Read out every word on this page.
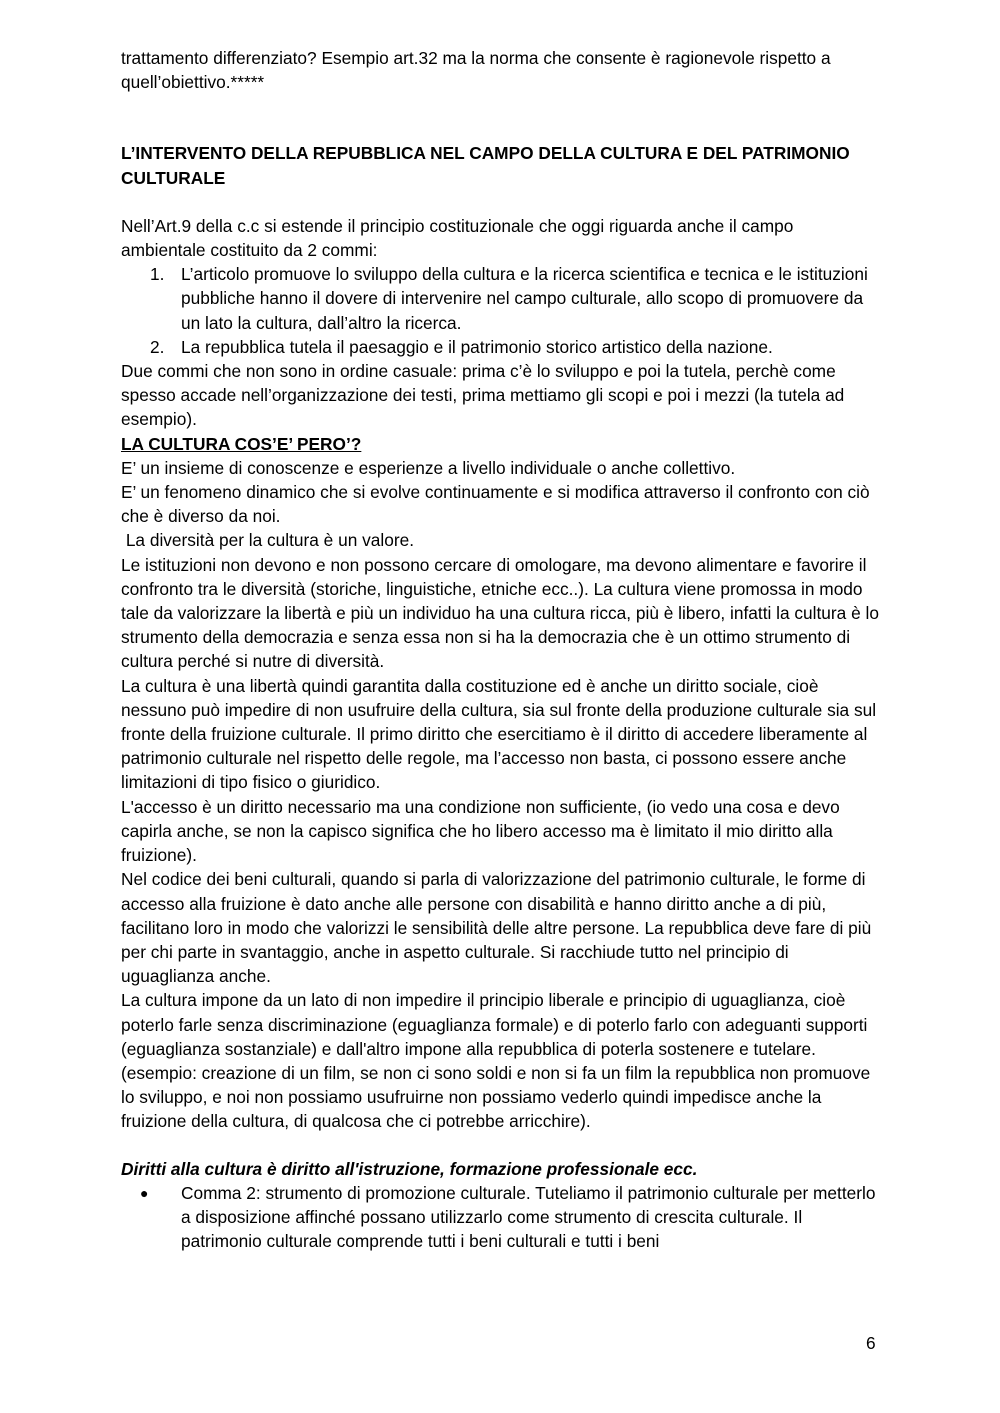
trattamento differenziato? Esempio art.32 ma la norma che consente è ragionevole rispetto a quell’obiettivo.*****

L’INTERVENTO DELLA REPUBBLICA NEL CAMPO DELLA CULTURA E DEL PATRIMONIO CULTURALE

Nell’Art.9 della c.c si estende il principio costituzionale che oggi riguarda anche il campo ambientale costituito da 2 commi:

1. L’articolo promuove lo sviluppo della cultura e la ricerca scientifica e tecnica e le istituzioni pubbliche hanno il dovere di intervenire nel campo culturale, allo scopo di promuovere da un lato la cultura, dall’altro la ricerca.
2. La repubblica tutela il paesaggio e il patrimonio storico artistico della nazione.

Due commi che non sono in ordine casuale: prima c’è lo sviluppo e poi la tutela, perchè come spesso accade nell’organizzazione dei testi, prima mettiamo gli scopi e poi i mezzi (la tutela ad esempio).

LA CULTURA COS’E’ PERO’?

E’ un insieme di conoscenze e esperienze a livello individuale o anche collettivo.

E’ un fenomeno dinamico che si evolve continuamente e si modifica attraverso il confronto con ciò che è diverso da noi.

La diversità per la cultura è un valore.

Le istituzioni non devono e non possono cercare di omologare, ma devono alimentare e favorire il confronto tra le diversità (storiche, linguistiche, etniche ecc..). La cultura viene promossa in modo tale da valorizzare la libertà e più un individuo ha una cultura ricca, più è libero, infatti la cultura è lo strumento della democrazia e senza essa non si ha la democrazia che è un ottimo strumento di cultura perché si nutre di diversità.

La cultura è una libertà quindi garantita dalla costituzione ed è anche un diritto sociale, cioè nessuno può impedire di non usufruire della cultura, sia sul fronte della produzione culturale sia sul fronte della fruizione culturale. Il primo diritto che esercitiamo è il diritto di accedere liberamente al patrimonio culturale nel rispetto delle regole, ma l’accesso non basta, ci possono essere anche limitazioni di tipo fisico o giuridico.

L'accesso è un diritto necessario ma una condizione non sufficiente, (io vedo una cosa e devo capirla anche, se non la capisco significa che ho libero accesso ma è limitato il mio diritto alla fruizione).

Nel codice dei beni culturali, quando si parla di valorizzazione del patrimonio culturale, le forme di accesso alla fruizione è dato anche alle persone con disabilità e hanno diritto anche a di più, facilitano loro in modo che valorizzi le sensibilità delle altre persone. La repubblica deve fare di più per chi parte in svantaggio, anche in aspetto culturale. Si racchiude tutto nel principio di uguaglianza anche.

La cultura impone da un lato di non impedire il principio liberale e principio di uguaglianza, cioè poterlo farle senza discriminazione (eguaglianza formale) e di poterlo farlo con adeguanti supporti (eguaglianza sostanziale) e dall'altro impone alla repubblica di poterla sostenere e tutelare.

(esempio: creazione di un film, se non ci sono soldi e non si fa un film la repubblica non promuove lo sviluppo, e noi non possiamo usufruirne non possiamo vederlo quindi impedisce anche la fruizione della cultura, di qualcosa che ci potrebbe arricchire).

Diritti alla cultura è diritto all'istruzione, formazione professionale ecc.

● Comma 2: strumento di promozione culturale. Tuteliamo il patrimonio culturale per metterlo a disposizione affinché possano utilizzarlo come strumento di crescita culturale. Il patrimonio culturale comprende tutti i beni culturali e tutti i beni
6
